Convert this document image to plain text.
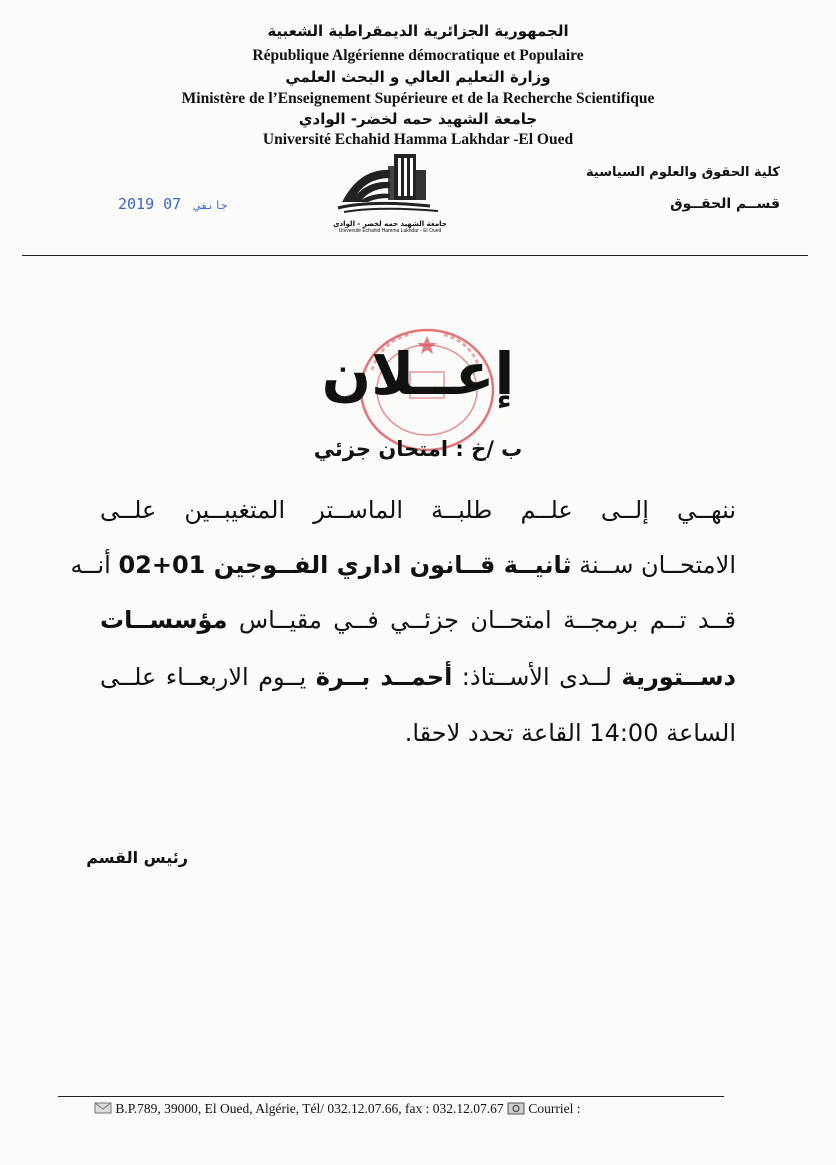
الجمهورية الجزائرية الديمقراطية الشعبية
République Algérienne démocratique et Populaire
وزارة التعليم العالي و البحث العلمي
Ministère de l’Enseignement Supérieure et de la Recherche Scientifique
جامعة الشهيد حمه لخضر- الوادي
Université Echahid Hamma Lakhdar -El Oued
كلية الحقوق والعلوم السياسية
قســم الحقــوق
2019	جانفي 07
جامعة الشهيد حمه لخضر - الوادي
Université Echahid Hamma Lakhdar - El Oued
إعــلان
ب /خ : امتحان جزئي
ننهــي إلــى علــم طلبــة الماســتر المتغيبــين علــى
الامتحــان ســنة ثانيــة قــانون اداري الفــوجين 01+02 أنــه
قــد تــم برمجــة امتحــان جزئــي فــي مقيــاس مؤسســات
دســتورية لــدى الأســتاذ: أحمــد بــرة يــوم الاربعــاء علــى
الساعة 14:00 القاعة تحدد لاحقا.
رئيس القسم
B.P.789, 39000, El Oued, Algérie, Tél/ 032.12.07.66, fax : 032.12.07.67 Courriel :
